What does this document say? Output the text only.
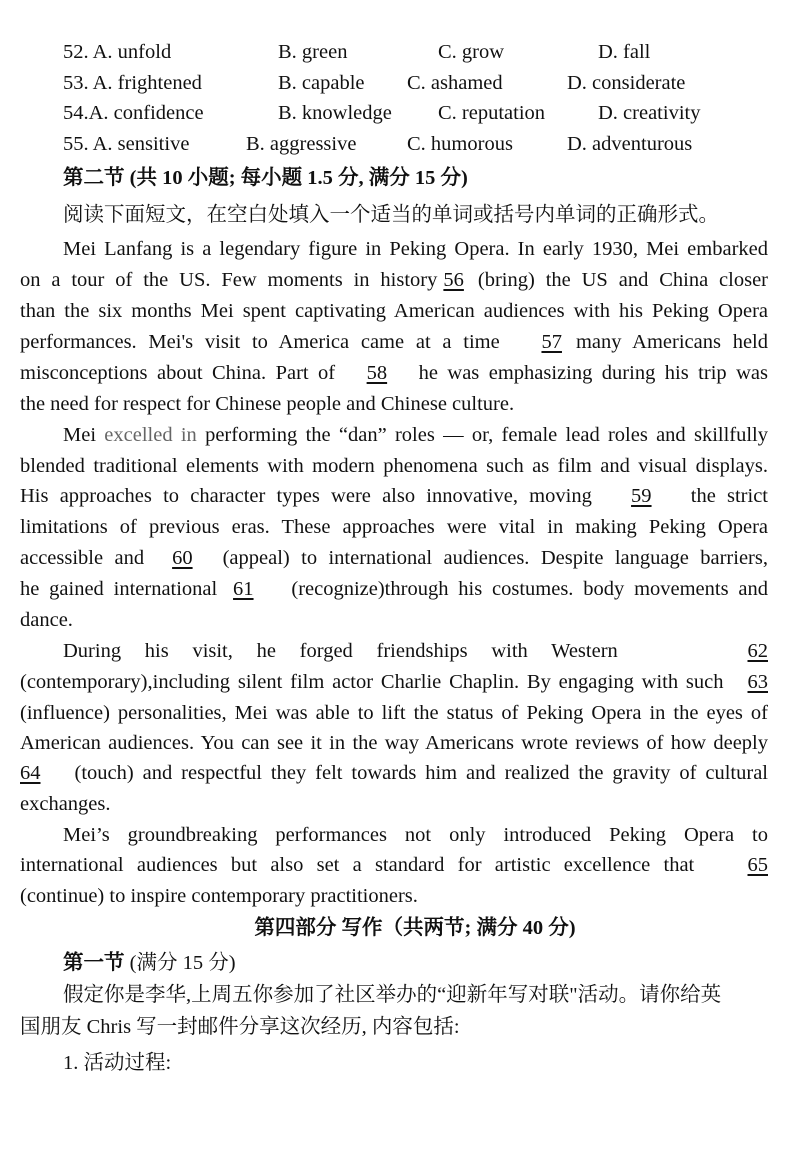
52. A. unfold	B. green	C. grow	D. fall
53. A. frightened	B. capable C. ashamed	D. considerate
54.A. confidence	B. knowledge C. reputation	D. creativity
55. A. sensitive	B. aggressive C. humorous	D. adventurous
第二节 (共 10 小题; 每小题 1.5 分, 满分 15 分)
阅读下面短文，在空白处填入一个适当的单词或括号内单词的正确形式。
Mei Lanfang is a legendary figure in Peking Opera. In early 1930, Mei embarked
on a tour of the US. Few moments in history 56 (bring) the US and China closer
than the six months Mei spent captivating American audiences with his Peking Opera
performances. Mei's visit to America came at a time 57 many Americans held
misconceptions about China. Part of 58 he was emphasizing during his trip was
the need for respect for Chinese people and Chinese culture.
Mei excelled in performing the “dan” roles — or, female lead roles and skillfully
blended traditional elements with modern phenomena such as film and visual displays.
His approaches to character types were also innovative, moving 59 the strict
limitations of previous eras. These approaches were vital in making Peking Opera
accessible and 60 (appeal) to international audiences. Despite language barriers,
he gained international 61 (recognize)through his costumes. body movements and
dance.
During his visit, he forged friendships with Western	62
(contemporary),including silent film actor Charlie Chaplin. By engaging with such 63
(influence) personalities, Mei was able to lift the status of Peking Opera in the eyes of
American audiences. You can see it in the way Americans wrote reviews of how deeply
64 (touch) and respectful they felt towards him and realized the gravity of cultural
exchanges.
Mei’s groundbreaking performances not only introduced Peking Opera to
international audiences but also set a standard for artistic excellence that 65
(continue) to inspire contemporary practitioners.
第四部分 写作（共两节; 满分 40 分)
第一节 (满分 15 分)
假定你是李华,上周五你参加了社区举办的“迎新年写对联"活动。请你给英
国朋友 Chris 写一封邮件分享这次经历, 内容包括:
1. 活动过程:
